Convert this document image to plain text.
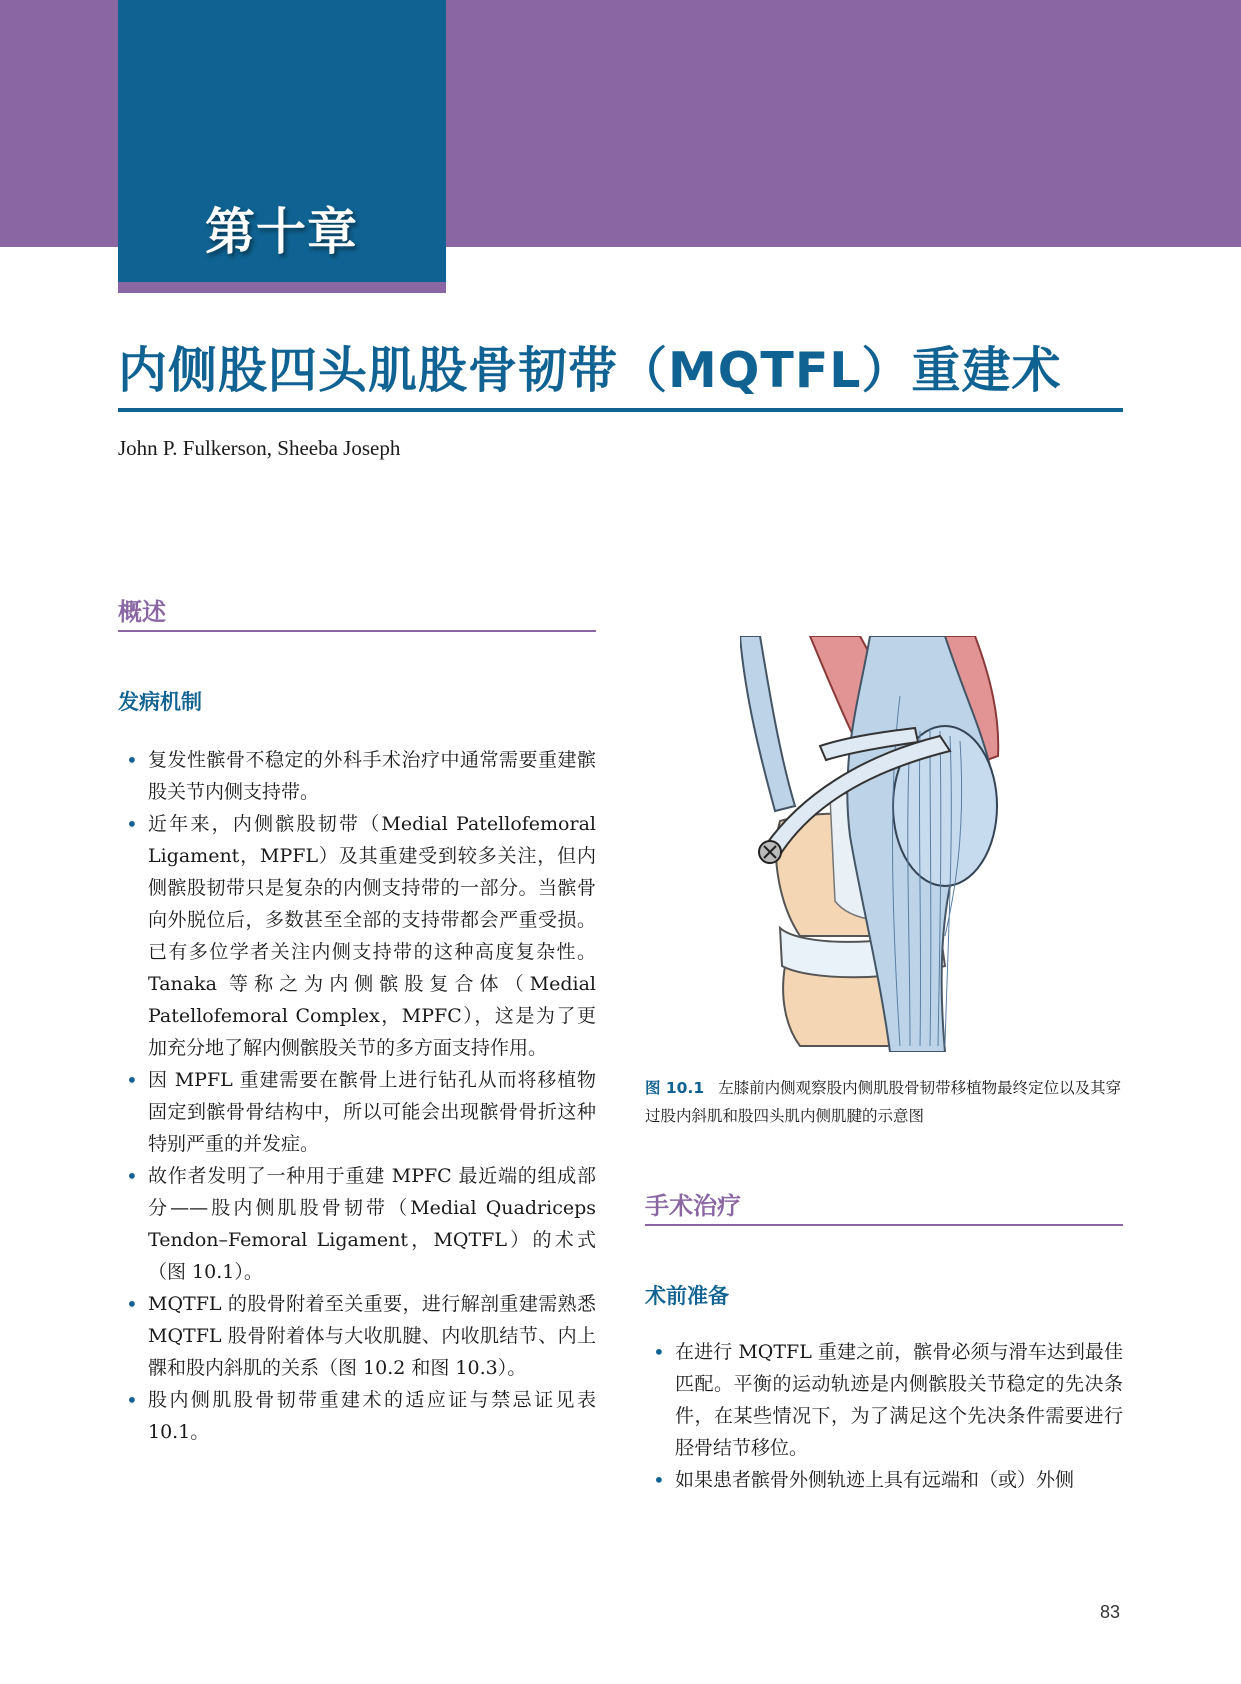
第十章
内侧股四头肌股骨韧带（MQTFL）重建术
John P. Fulkerson, Sheeba Joseph
概述
发病机制
• 复发性髌骨不稳定的外科手术治疗中通常需要重建髌股关节内侧支持带。
• 近年来，内侧髌股韧带（Medial Patellofemoral Ligament，MPFL）及其重建受到较多关注，但内侧髌股韧带只是复杂的内侧支持带的一部分。当髌骨向外脱位后，多数甚至全部的支持带都会严重受损。已有多位学者关注内侧支持带的这种高度复杂性。Tanaka 等称之为内侧髌股复合体（Medial Patellofemoral Complex，MPFC），这是为了更加充分地了解内侧髌股关节的多方面支持作用。
• 因 MPFL 重建需要在髌骨上进行钻孔从而将移植物固定到髌骨骨结构中，所以可能会出现髌骨骨折这种特别严重的并发症。
• 故作者发明了一种用于重建 MPFC 最近端的组成部分——股内侧肌股骨韧带（Medial Quadriceps Tendon–Femoral Ligament，MQTFL）的术式（图 10.1）。
• MQTFL 的股骨附着至关重要，进行解剖重建需熟悉 MQTFL 股骨附着体与大收肌腱、内收肌结节、内上髁和股内斜肌的关系（图 10.2 和图 10.3）。
• 股内侧肌股骨韧带重建术的适应证与禁忌证见表 10.1。
图 10.1 左膝前内侧观察股内侧肌股骨韧带移植物最终定位以及其穿过股内斜肌和股四头肌内侧肌腱的示意图
手术治疗
术前准备
• 在进行 MQTFL 重建之前，髌骨必须与滑车达到最佳匹配。平衡的运动轨迹是内侧髌股关节稳定的先决条件，在某些情况下，为了满足这个先决条件需要进行胫骨结节移位。
• 如果患者髌骨外侧轨迹上具有远端和（或）外侧
83
